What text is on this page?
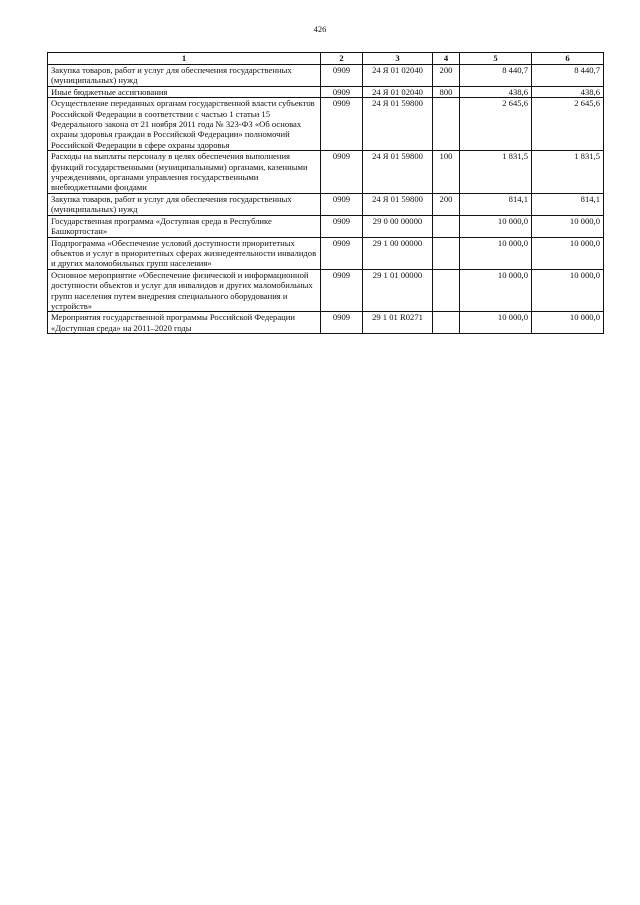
426
1	2	3	4	5	6
Закупка товаров, работ и услуг для обеспечения государственных (муниципальных) нужд	0909	24 Я 01 02040	200	8 440,7	8 440,7
Иные бюджетные ассигнования	0909	24 Я 01 02040	800	438,6	438,6
Осуществление переданных органам государственной власти субъектов Российской Федерации в соответствии с частью 1 статьи 15 Федерального закона от 21 ноября 2011 года № 323-ФЗ «Об основах охраны здоровья граждан в Российской Федерации» полномочий Российской Федерации в сфере охраны здоровья	0909	24 Я 01 59800		2 645,6	2 645,6
Расходы на выплаты персоналу в целях обеспечения выполнения функций государственными (муниципальными) органами, казенными учреждениями, органами управления государственными внебюджетными фондами	0909	24 Я 01 59800	100	1 831,5	1 831,5
Закупка товаров, работ и услуг для обеспечения государственных (муниципальных) нужд	0909	24 Я 01 59800	200	814,1	814,1
Государственная программа «Доступная среда в Республике Башкортостан»	0909	29 0 00 00000		10 000,0	10 000,0
Подпрограмма «Обеспечение условий доступности приоритетных объектов и услуг в приоритетных сферах жизнедеятельности инвалидов и других маломобильных групп населения»	0909	29 1 00 00000		10 000,0	10 000,0
Основное мероприятие «Обеспечение физической и информационной доступности объектов и услуг для инвалидов и других маломобильных групп населения путем внедрения специального оборудования и устройств»	0909	29 1 01 00000		10 000,0	10 000,0
Мероприятия государственной программы Российской Федерации «Доступная среда» на 2011–2020 годы	0909	29 1 01 R0271		10 000,0	10 000,0
